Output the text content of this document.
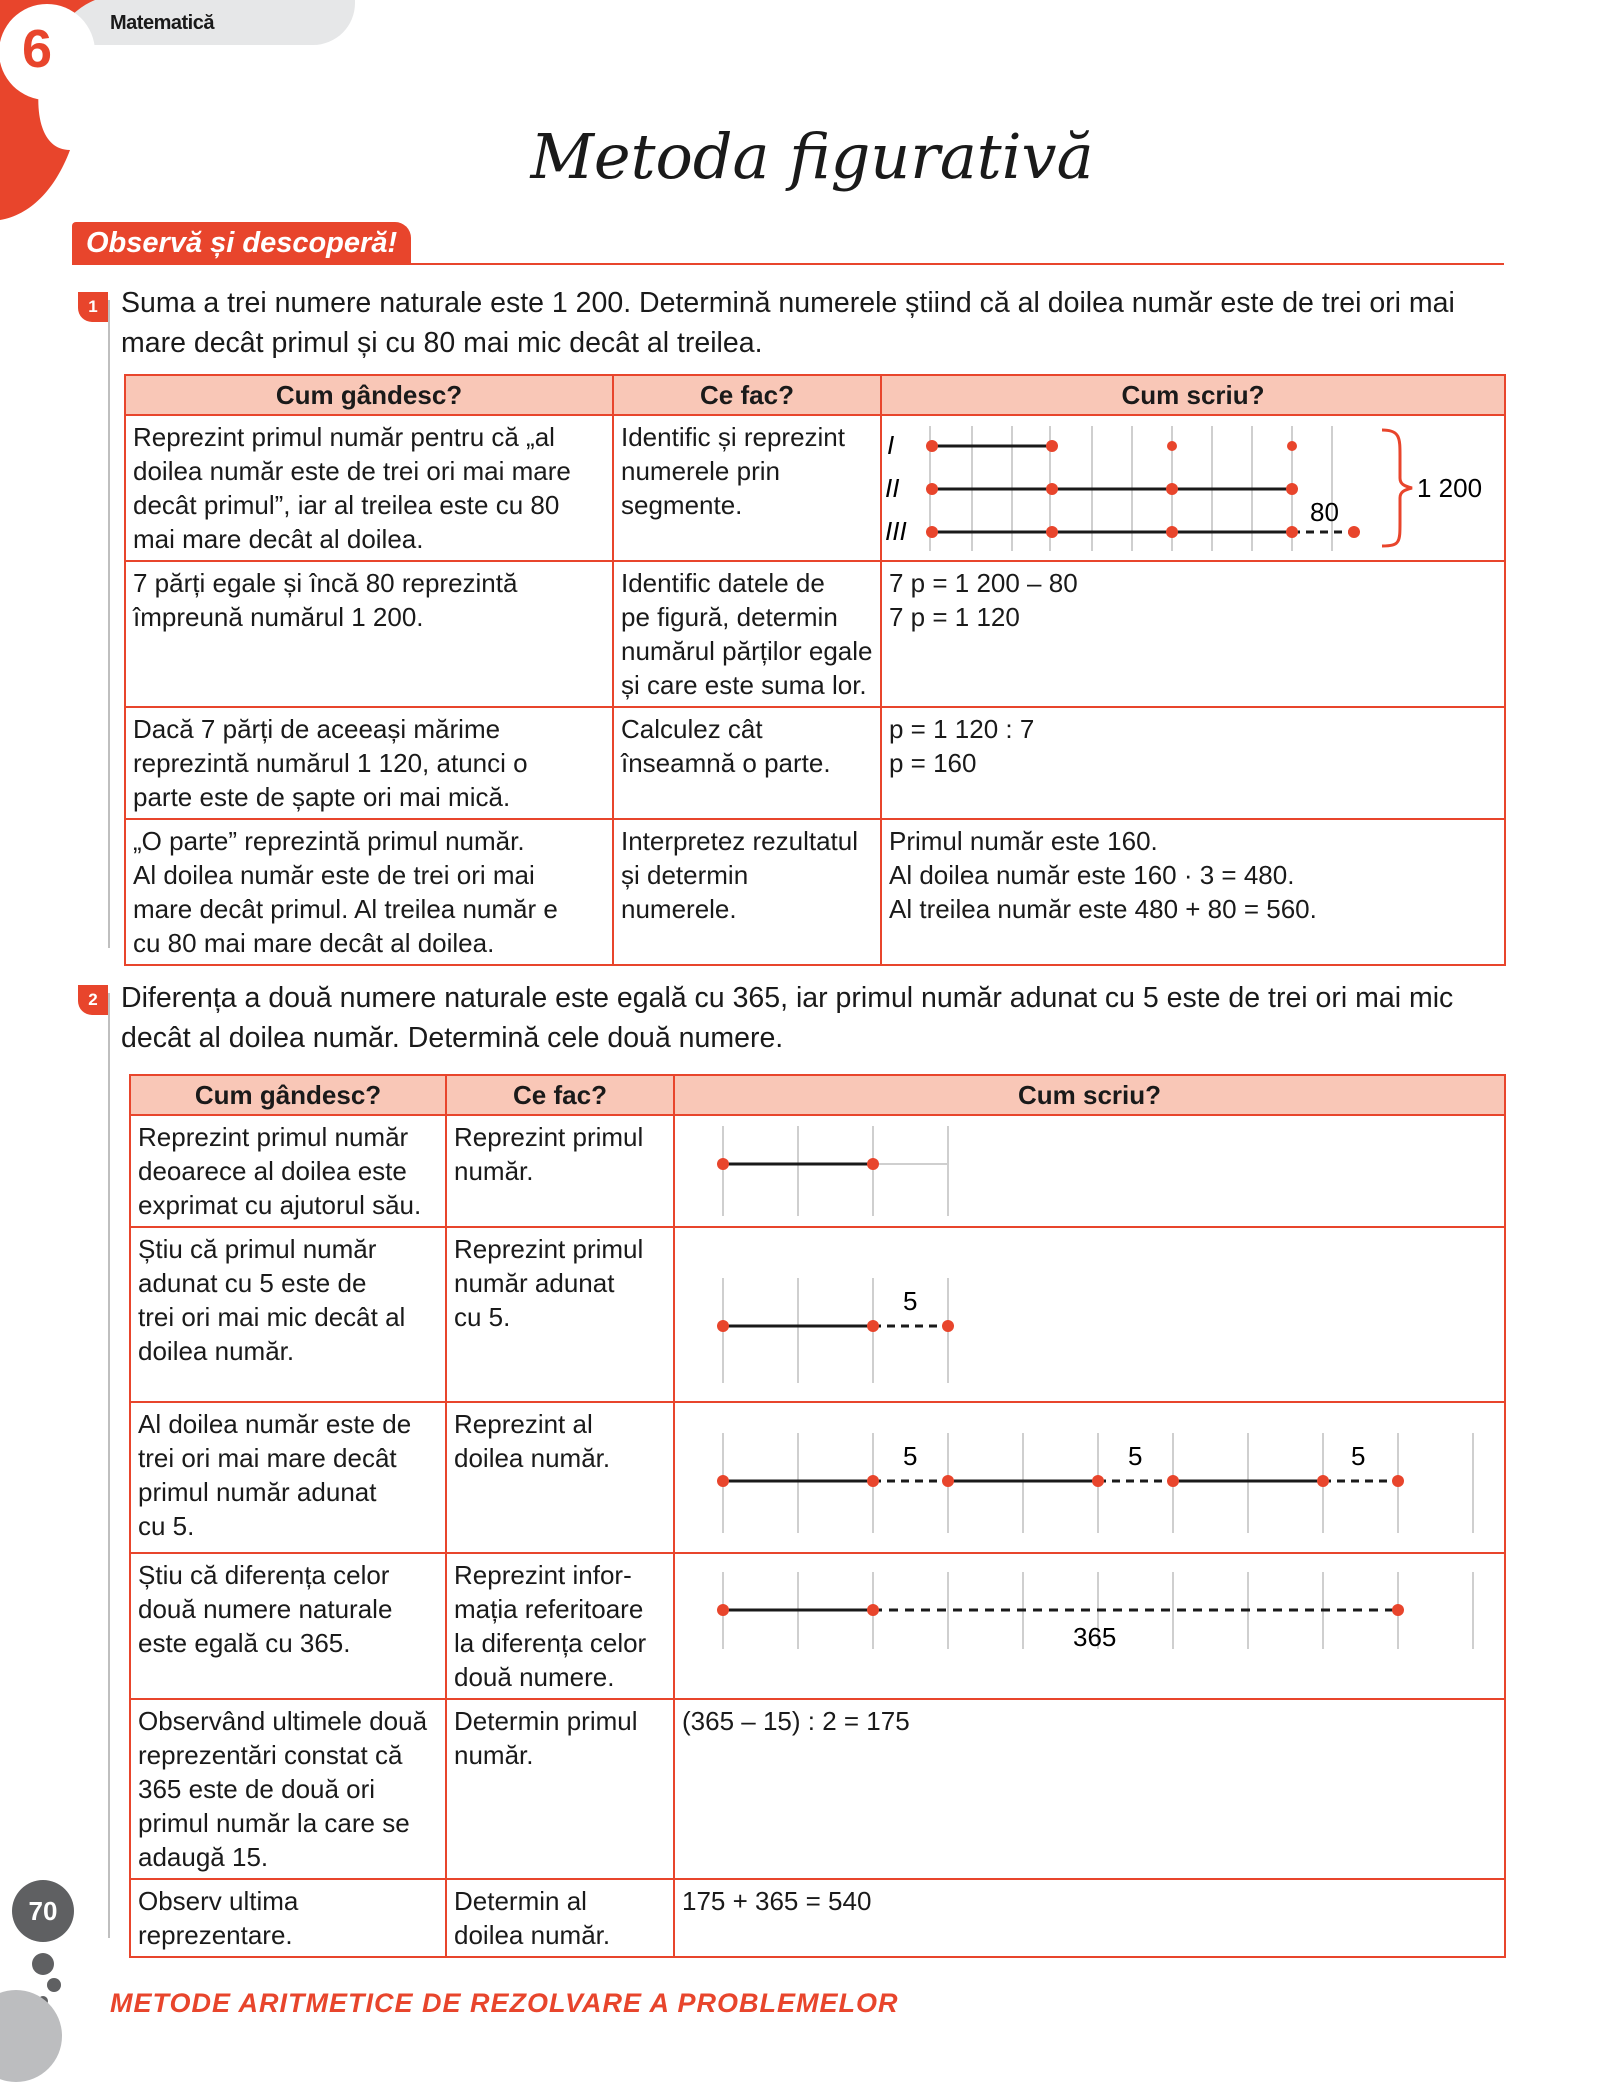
6	Matematică
Metoda figurativă
Observă și descoperă!
1 Suma a trei numere naturale este 1 200. Determină numerele știind că al doilea număr este de trei ori mai
mare decât primul și cu 80 mai mic decât al treilea.
Cum gândesc?	Ce fac?	Cum scriu?

Reprezint primul număr pentru că „al
doilea număr este de trei ori mai mare
decât primul”, iar al treilea este cu 80
mai mare decât al doilea.	Identific și reprezint
numerele prin
segmente.	I
II
III
80
1 200

7 părți egale și încă 80 reprezintă
împreună numărul 1 200.	Identific datele de
pe figură, determin
numărul părților egale
și care este suma lor.	7 p = 1 200 – 80
7 p = 1 120

Dacă 7 părți de aceeași mărime
reprezintă numărul 1 120, atunci o
parte este de șapte ori mai mică.	Calculez cât
înseamnă o parte.	p = 1 120 : 7
p = 160

„O parte” reprezintă primul număr.
Al doilea număr este de trei ori mai
mare decât primul. Al treilea număr e
cu 80 mai mare decât al doilea.	Interpretez rezultatul
și determin
numerele.	Primul număr este 160.
Al doilea număr este 160 · 3 = 480.
Al treilea număr este 480 + 80 = 560.
2 Diferența a două numere naturale este egală cu 365, iar primul număr adunat cu 5 este de trei ori mai mic
decât al doilea număr. Determină cele două numere.
Cum gândesc?	Ce fac?	Cum scriu?

Reprezint primul număr
deoarece al doilea este
exprimat cu ajutorul său.	Reprezint primul
număr.

Știu că primul număr
adunat cu 5 este de
trei ori mai mic decât al
doilea număr.	Reprezint primul
număr adunat
cu 5.	5

Al doilea număr este de
trei ori mai mare decât
primul număr adunat
cu 5.	Reprezint al
doilea număr.	5 5 5

Știu că diferența celor
două numere naturale
este egală cu 365.	Reprezint infor-
mația referitoare
la diferența celor
două numere.	365

Observând ultimele două
reprezentări constat că
365 este de două ori
primul număr la care se
adaugă 15.	Determin primul
număr.	(365 – 15) : 2 = 175

Observ ultima
reprezentare.	Determin al
doilea număr.	175 + 365 = 540
70
METODE ARITMETICE DE REZOLVARE A PROBLEMELOR
